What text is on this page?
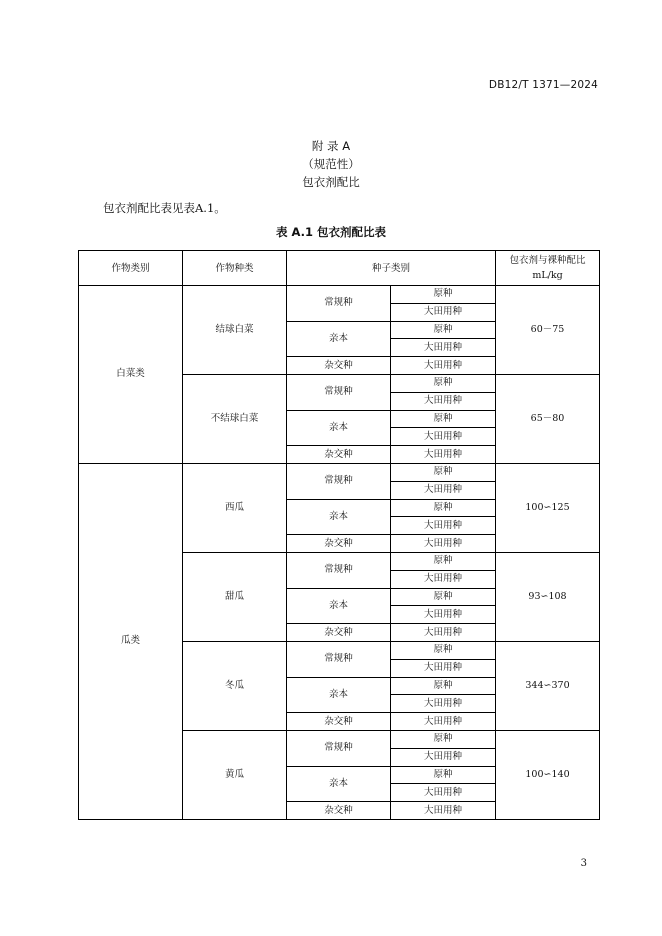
DB12/T 1371—2024
附 录 A
（规范性）
包衣剂配比
包衣剂配比表见表A.1。
表 A.1 包衣剂配比表
作物类别	作物种类	种子类别		包衣剂与裸种配比
mL/kg

白菜类	结球白菜	常规种	原种	60－75
			大田用种	
		亲本	原种	
			大田用种	
		杂交种	大田用种	
	不结球白菜	常规种	原种	65－80
			大田用种	
		亲本	原种	
			大田用种	
		杂交种	大田用种	
瓜类	西瓜	常规种	原种	100∽125
			大田用种	
		亲本	原种	
			大田用种	
		杂交种	大田用种	
	甜瓜	常规种	原种	93∽108
			大田用种	
		亲本	原种	
			大田用种	
		杂交种	大田用种	
	冬瓜	常规种	原种	344∽370
			大田用种	
		亲本	原种	
			大田用种	
		杂交种	大田用种	
	黄瓜	常规种	原种	100∽140
			大田用种	
		亲本	原种	
			大田用种	
		杂交种	大田用种	
3
